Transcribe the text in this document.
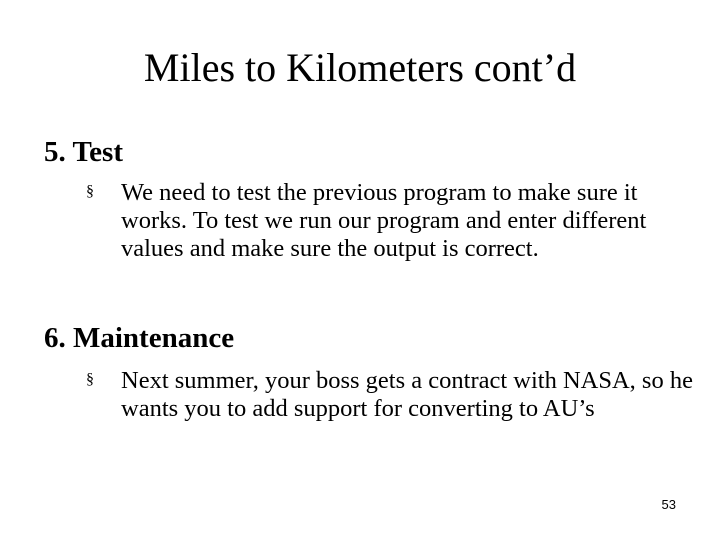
Miles to Kilometers cont’d
5. Test
§ We need to test the previous program to make sure it works. To test we run our program and enter different values and make sure the output is correct.
6. Maintenance
§ Next summer, your boss gets a contract with NASA, so he wants you to add support for converting to AU’s
53
